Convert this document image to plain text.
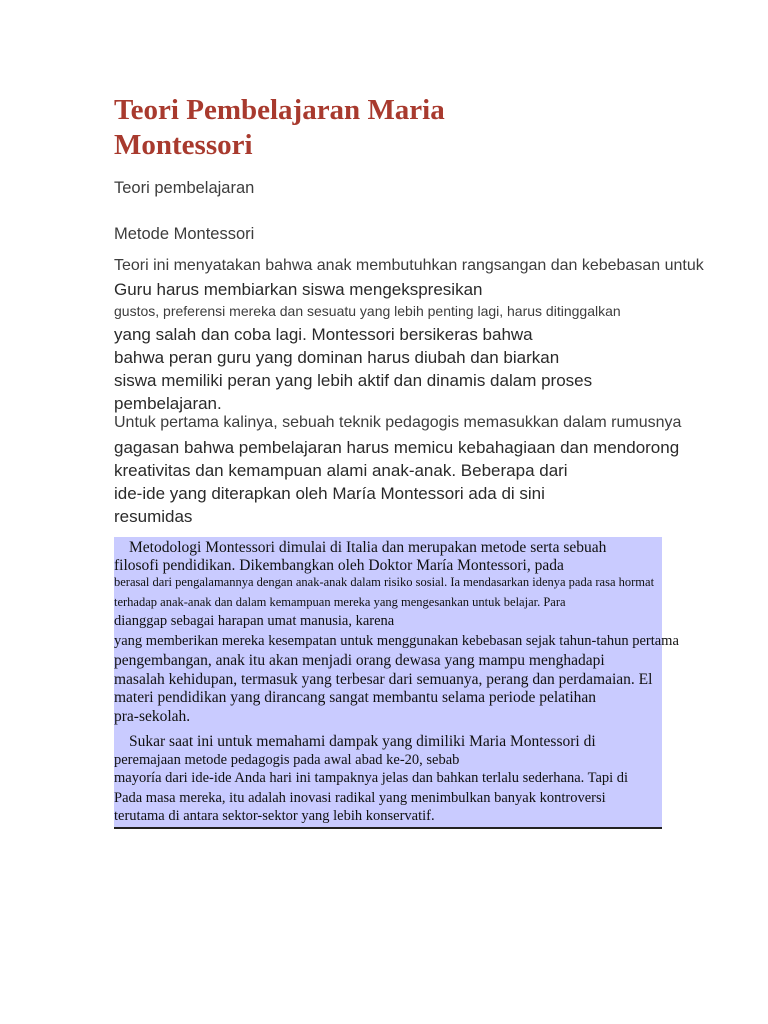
Teori Pembelajaran Maria
Montessori
Teori pembelajaran
Metode Montessori
Teori ini menyatakan bahwa anak membutuhkan rangsangan dan kebebasan untuk
Guru harus membiarkan siswa mengekspresikan
gustos, preferensi mereka dan sesuatu yang lebih penting lagi, harus ditinggalkan
yang salah dan coba lagi. Montessori bersikeras bahwa
bahwa peran guru yang dominan harus diubah dan biarkan
siswa memiliki peran yang lebih aktif dan dinamis dalam proses
pembelajaran.
Untuk pertama kalinya, sebuah teknik pedagogis memasukkan dalam rumusnya
gagasan bahwa pembelajaran harus memicu kebahagiaan dan mendorong
kreativitas dan kemampuan alami anak-anak. Beberapa dari
ide-ide yang diterapkan oleh María Montessori ada di sini
resumidas
Metodologi Montessori dimulai di Italia dan merupakan metode serta sebuah
filosofi pendidikan. Dikembangkan oleh Doktor María Montessori, pada
berasal dari pengalamannya dengan anak-anak dalam risiko sosial. Ia mendasarkan idenya pada rasa hormat
terhadap anak-anak dan dalam kemampuan mereka yang mengesankan untuk belajar. Para
dianggap sebagai harapan umat manusia, karena
yang memberikan mereka kesempatan untuk menggunakan kebebasan sejak tahun-tahun pertama
pengembangan, anak itu akan menjadi orang dewasa yang mampu menghadapi
masalah kehidupan, termasuk yang terbesar dari semuanya, perang dan perdamaian. El
materi pendidikan yang dirancang sangat membantu selama periode pelatihan
pra-sekolah.
Sukar saat ini untuk memahami dampak yang dimiliki Maria Montessori di
peremajaan metode pedagogis pada awal abad ke-20, sebab
mayoría dari ide-ide Anda hari ini tampaknya jelas dan bahkan terlalu sederhana. Tapi di
Pada masa mereka, itu adalah inovasi radikal yang menimbulkan banyak kontroversi
terutama di antara sektor-sektor yang lebih konservatif.
